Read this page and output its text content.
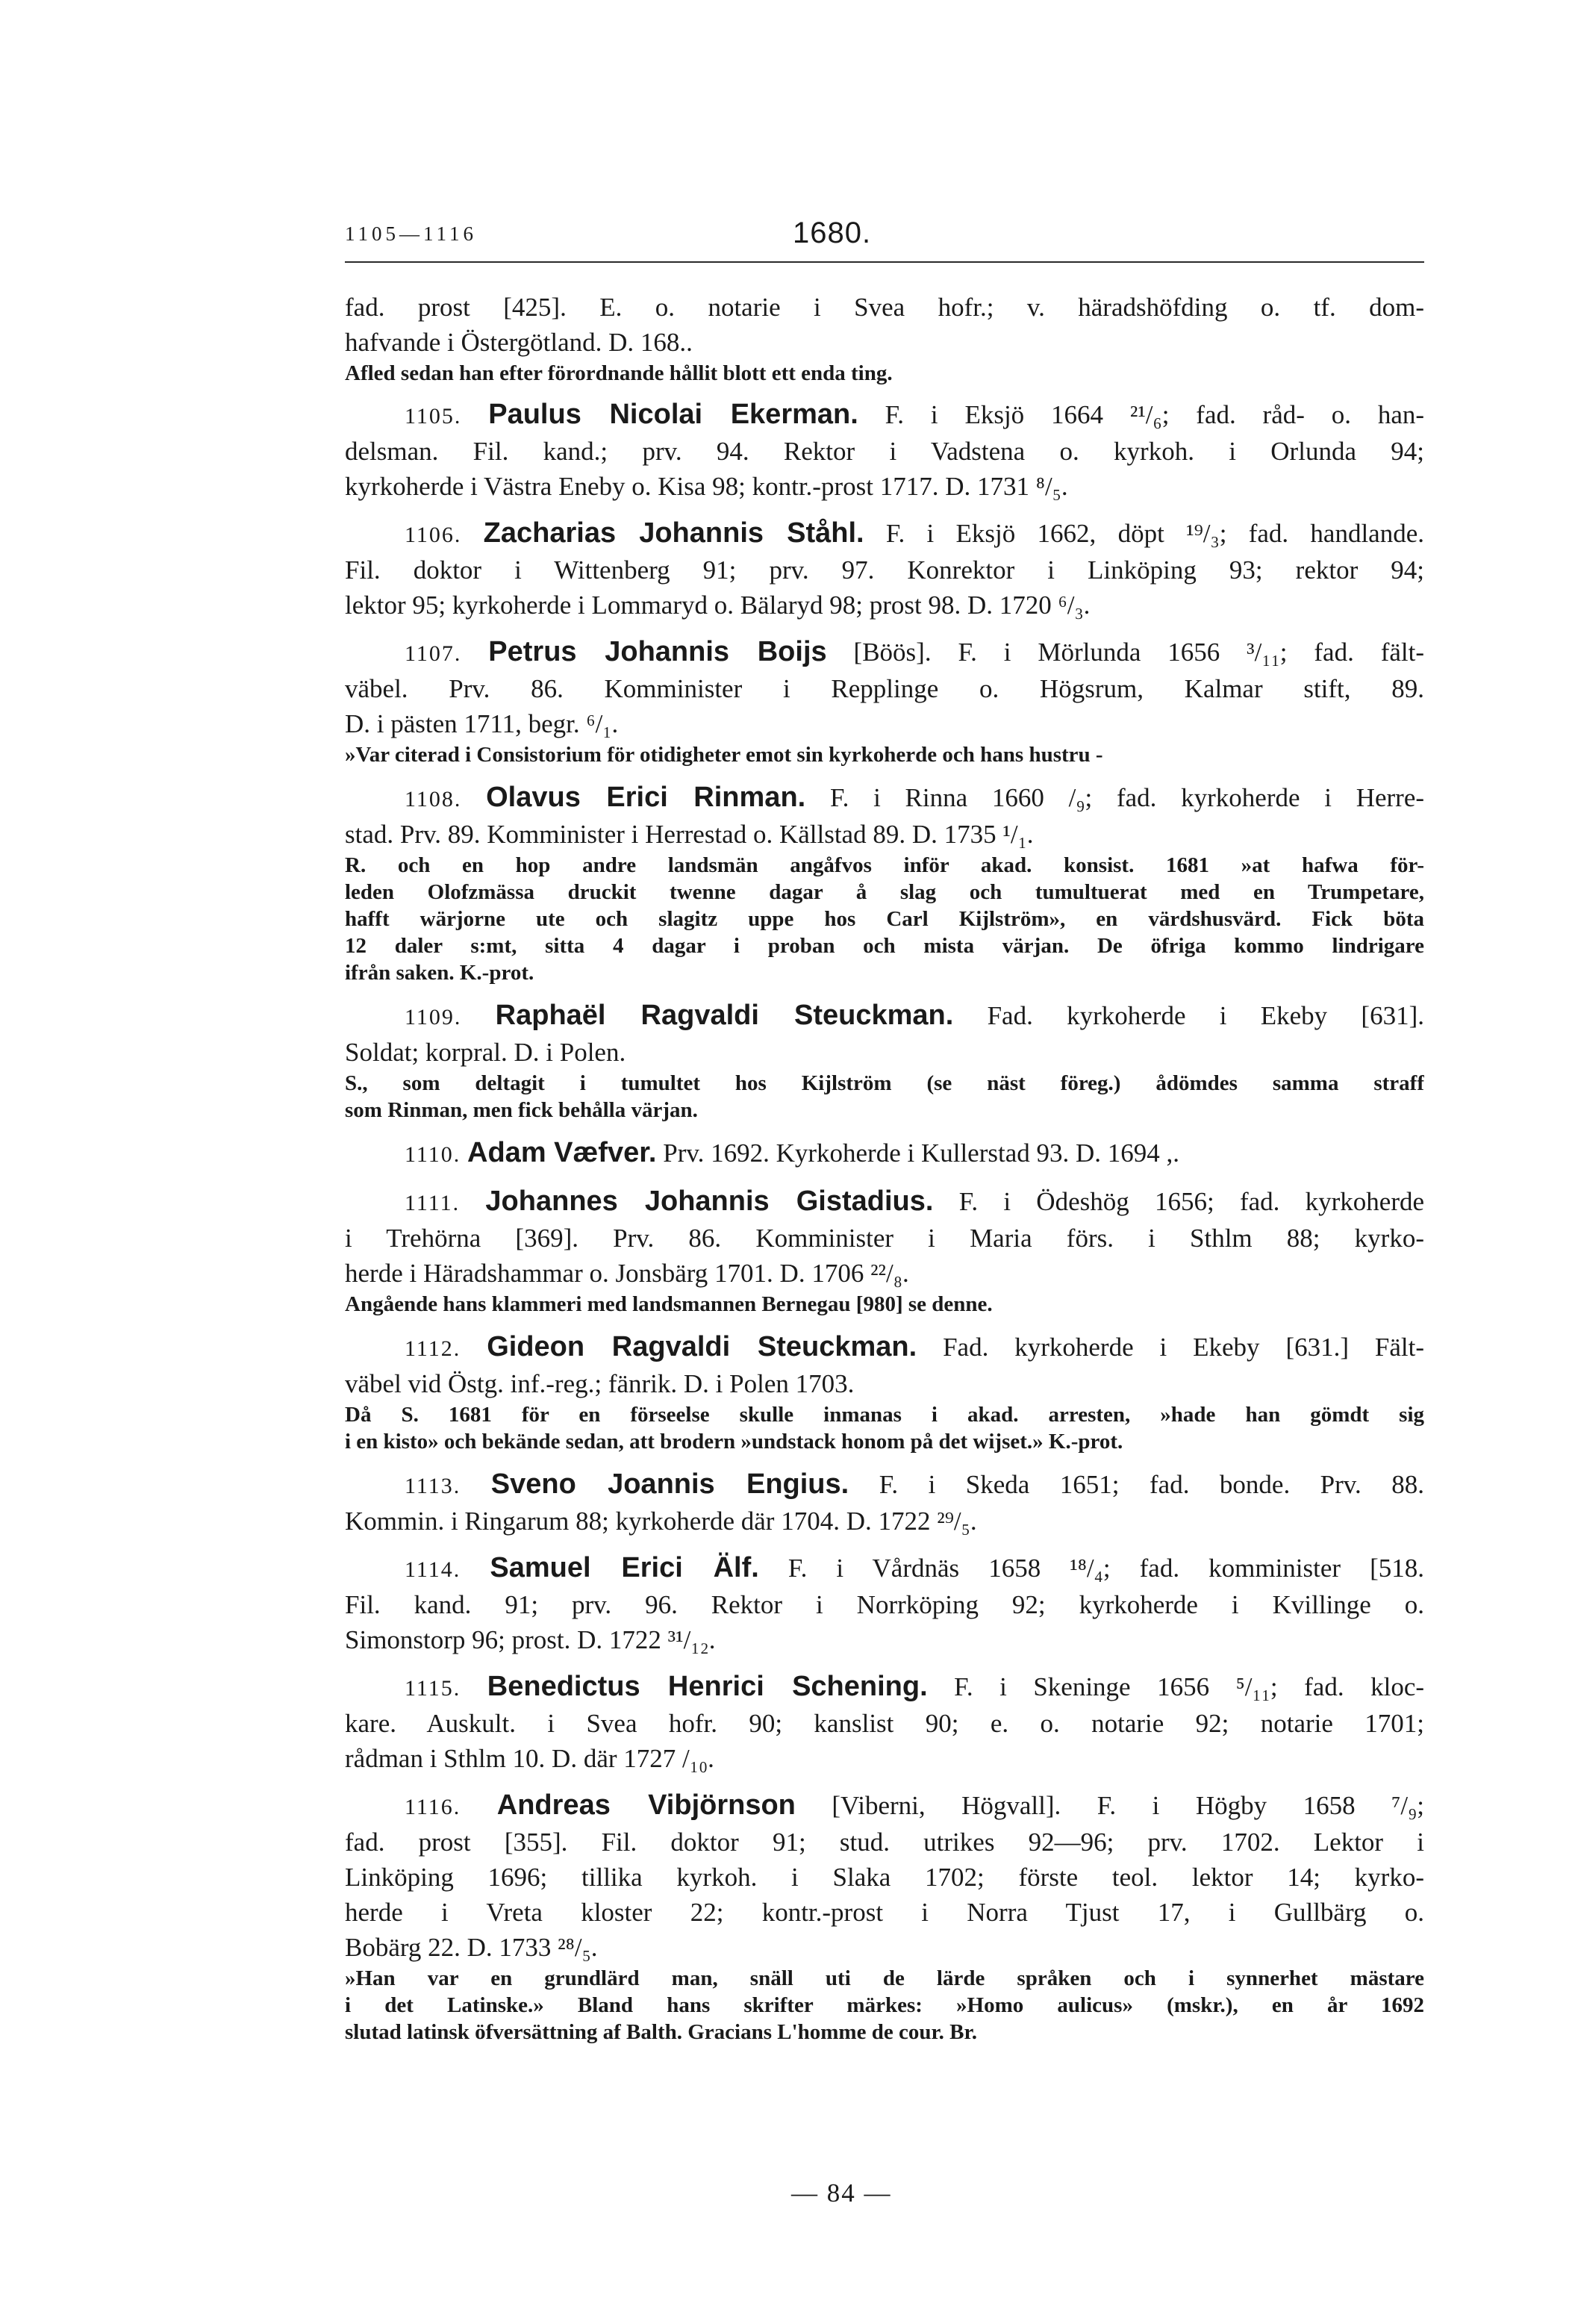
1105—1116	1680.

fad. prost [425]. E. o. notarie i Svea hofr.; v. häradshöfding o. tf. dom-

hafvande i Östergötland. D. 168..

Afled sedan han efter förordnande hållit blott ett enda ting.

1105. Paulus Nicolai Ekerman. F. i Eksjö 1664 ²¹/₆; fad. råd- o. han-

delsman. Fil. kand.; prv. 94. Rektor i Vadstena o. kyrkoh. i Orlunda 94;

kyrkoherde i Västra Eneby o. Kisa 98; kontr.-prost 1717. D. 1731 ⁸/₅.

1106. Zacharias Johannis Ståhl. F. i Eksjö 1662, döpt ¹⁹/₃; fad. handlande.

Fil. doktor i Wittenberg 91; prv. 97. Konrektor i Linköping 93; rektor 94;

lektor 95; kyrkoherde i Lommaryd o. Bälaryd 98; prost 98. D. 1720 ⁶/₃.

1107. Petrus Johannis Boijs [Böös]. F. i Mörlunda 1656 ³/₁₁; fad. fält-

väbel. Prv. 86. Komminister i Repplinge o. Högsrum, Kalmar stift, 89.

D. i pästen 1711, begr. ⁶/₁.

»Var citerad i Consistorium för otidigheter emot sin kyrkoherde och hans hustru -

1108. Olavus Erici Rinman. F. i Rinna 1660 /₉; fad. kyrkoherde i Herre-

stad. Prv. 89. Komminister i Herrestad o. Källstad 89. D. 1735 ¹/₁.

R. och en hop andre landsmän angåfvos inför akad. konsist. 1681 »at hafwa för-

leden Olofzmässa druckit twenne dagar å slag och tumultuerat med en Trumpetare,

hafft wärjorne ute och slagitz uppe hos Carl Kijlström», en värdshusvärd. Fick böta

12 daler s:mt, sitta 4 dagar i proban och mista värjan. De öfriga kommo lindrigare

ifrån saken. K.-prot.

1109. Raphaël Ragvaldi Steuckman. Fad. kyrkoherde i Ekeby [631].

Soldat; korpral. D. i Polen.

S., som deltagit i tumultet hos Kijlström (se näst föreg.) ådömdes samma straff

som Rinman, men fick behålla värjan.

1110. Adam Væfver. Prv. 1692. Kyrkoherde i Kullerstad 93. D. 1694 ,.

1111. Johannes Johannis Gistadius. F. i Ödeshög 1656; fad. kyrkoherde

i Trehörna [369]. Prv. 86. Komminister i Maria förs. i Sthlm 88; kyrko-

herde i Häradshammar o. Jonsbärg 1701. D. 1706 ²²/₈.

Angående hans klammeri med landsmannen Bernegau [980] se denne.

1112. Gideon Ragvaldi Steuckman. Fad. kyrkoherde i Ekeby [631.] Fält-

väbel vid Östg. inf.-reg.; fänrik. D. i Polen 1703.

Då S. 1681 för en förseelse skulle inmanas i akad. arresten, »hade han gömdt sig

i en kisto» och bekände sedan, att brodern »undstack honom på det wijset.» K.-prot.

1113. Sveno Joannis Engius. F. i Skeda 1651; fad. bonde. Prv. 88.

Kommin. i Ringarum 88; kyrkoherde där 1704. D. 1722 ²⁹/₅.

1114. Samuel Erici Älf. F. i Vårdnäs 1658 ¹⁸/₄; fad. komminister [518.

Fil. kand. 91; prv. 96. Rektor i Norrköping 92; kyrkoherde i Kvillinge o.

Simonstorp 96; prost. D. 1722 ³¹/₁₂.

1115. Benedictus Henrici Schening. F. i Skeninge 1656 ⁵/₁₁; fad. kloc-

kare. Auskult. i Svea hofr. 90; kanslist 90; e. o. notarie 92; notarie 1701;

rådman i Sthlm 10. D. där 1727 /₁₀.

1116. Andreas Vibjörnson [Viberni, Högvall]. F. i Högby 1658 ⁷/₉;

fad. prost [355]. Fil. doktor 91; stud. utrikes 92—96; prv. 1702. Lektor i

Linköping 1696; tillika kyrkoh. i Slaka 1702; förste teol. lektor 14; kyrko-

herde i Vreta kloster 22; kontr.-prost i Norra Tjust 17, i Gullbärg o.

Bobärg 22. D. 1733 ²⁸/₅.

»Han var en grundlärd man, snäll uti de lärde språken och i synnerhet mästare

i det Latinske.» Bland hans skrifter märkes: »Homo aulicus» (mskr.), en år 1692

slutad latinsk öfversättning af Balth. Gracians L'homme de cour. Br.

— 84 —
